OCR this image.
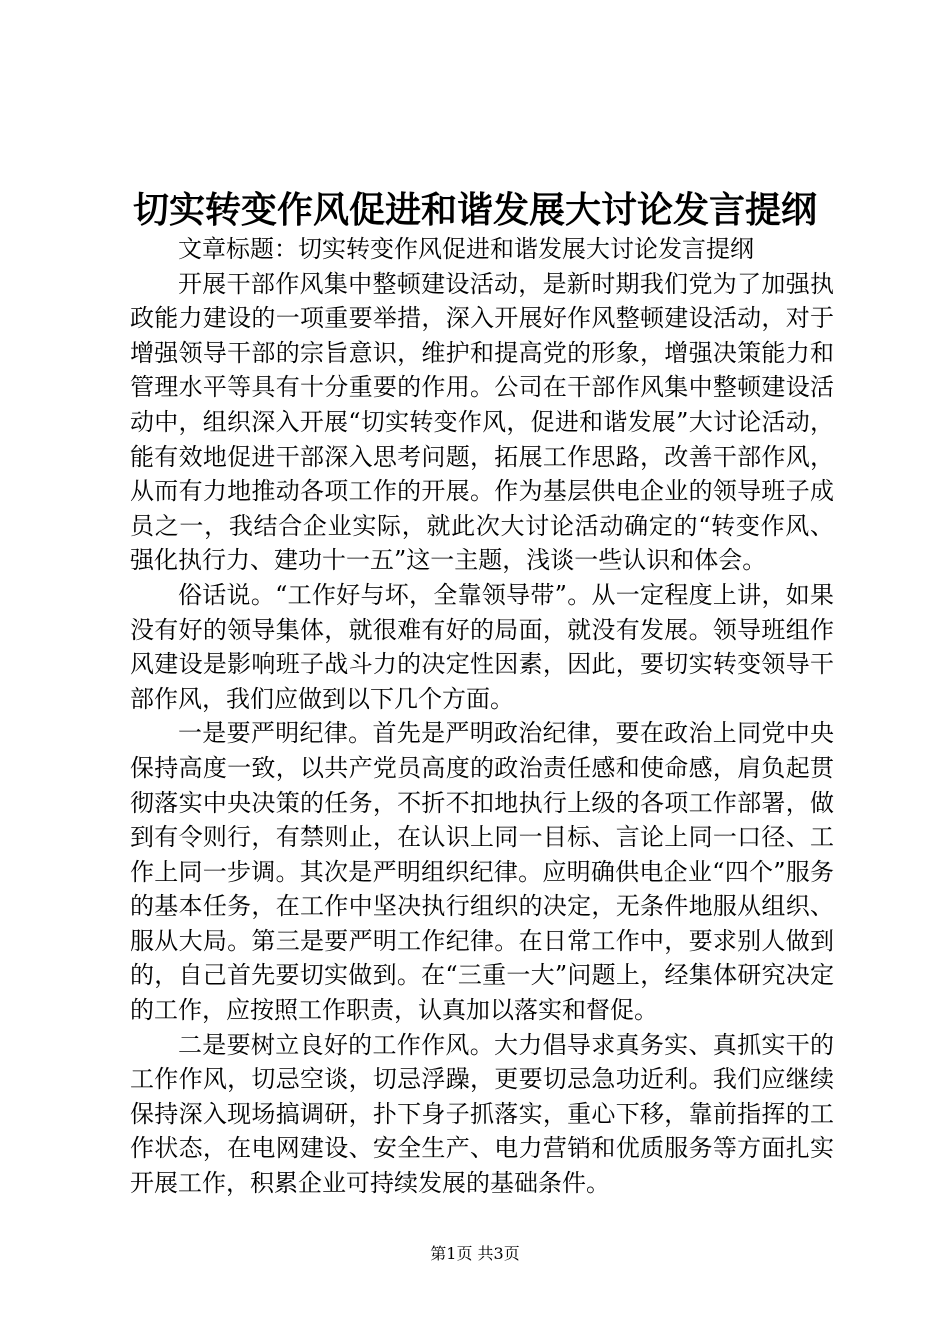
切实转变作风促进和谐发展大讨论发言提纲

文章标题：切实转变作风促进和谐发展大讨论发言提纲

开展干部作风集中整顿建设活动，是新时期我们党为了加强执政能力建设的一项重要举措，深入开展好作风整顿建设活动，对于增强领导干部的宗旨意识，维护和提高党的形象，增强决策能力和管理水平等具有十分重要的作用。公司在干部作风集中整顿建设活动中，组织深入开展“切实转变作风，促进和谐发展”大讨论活动，能有效地促进干部深入思考问题，拓展工作思路，改善干部作风，从而有力地推动各项工作的开展。作为基层供电企业的领导班子成员之一，我结合企业实际，就此次大讨论活动确定的“转变作风、强化执行力、建功十一五”这一主题，浅谈一些认识和体会。

俗话说。“工作好与坏，全靠领导带”。从一定程度上讲，如果没有好的领导集体，就很难有好的局面，就没有发展。领导班组作风建设是影响班子战斗力的决定性因素，因此，要切实转变领导干部作风，我们应做到以下几个方面。

一是要严明纪律。首先是严明政治纪律，要在政治上同党中央保持高度一致，以共产党员高度的政治责任感和使命感，肩负起贯彻落实中央决策的任务，不折不扣地执行上级的各项工作部署，做到有令则行，有禁则止，在认识上同一目标、言论上同一口径、工作上同一步调。其次是严明组织纪律。应明确供电企业“四个”服务的基本任务，在工作中坚决执行组织的决定，无条件地服从组织、服从大局。第三是要严明工作纪律。在日常工作中，要求别人做到的，自己首先要切实做到。在“三重一大”问题上，经集体研究决定的工作，应按照工作职责，认真加以落实和督促。

二是要树立良好的工作作风。大力倡导求真务实、真抓实干的工作作风，切忌空谈，切忌浮躁，更要切忌急功近利。我们应继续保持深入现场搞调研，扑下身子抓落实，重心下移，靠前指挥的工作状态，在电网建设、安全生产、电力营销和优质服务等方面扎实开展工作，积累企业可持续发展的基础条件。

第1页 共3页
